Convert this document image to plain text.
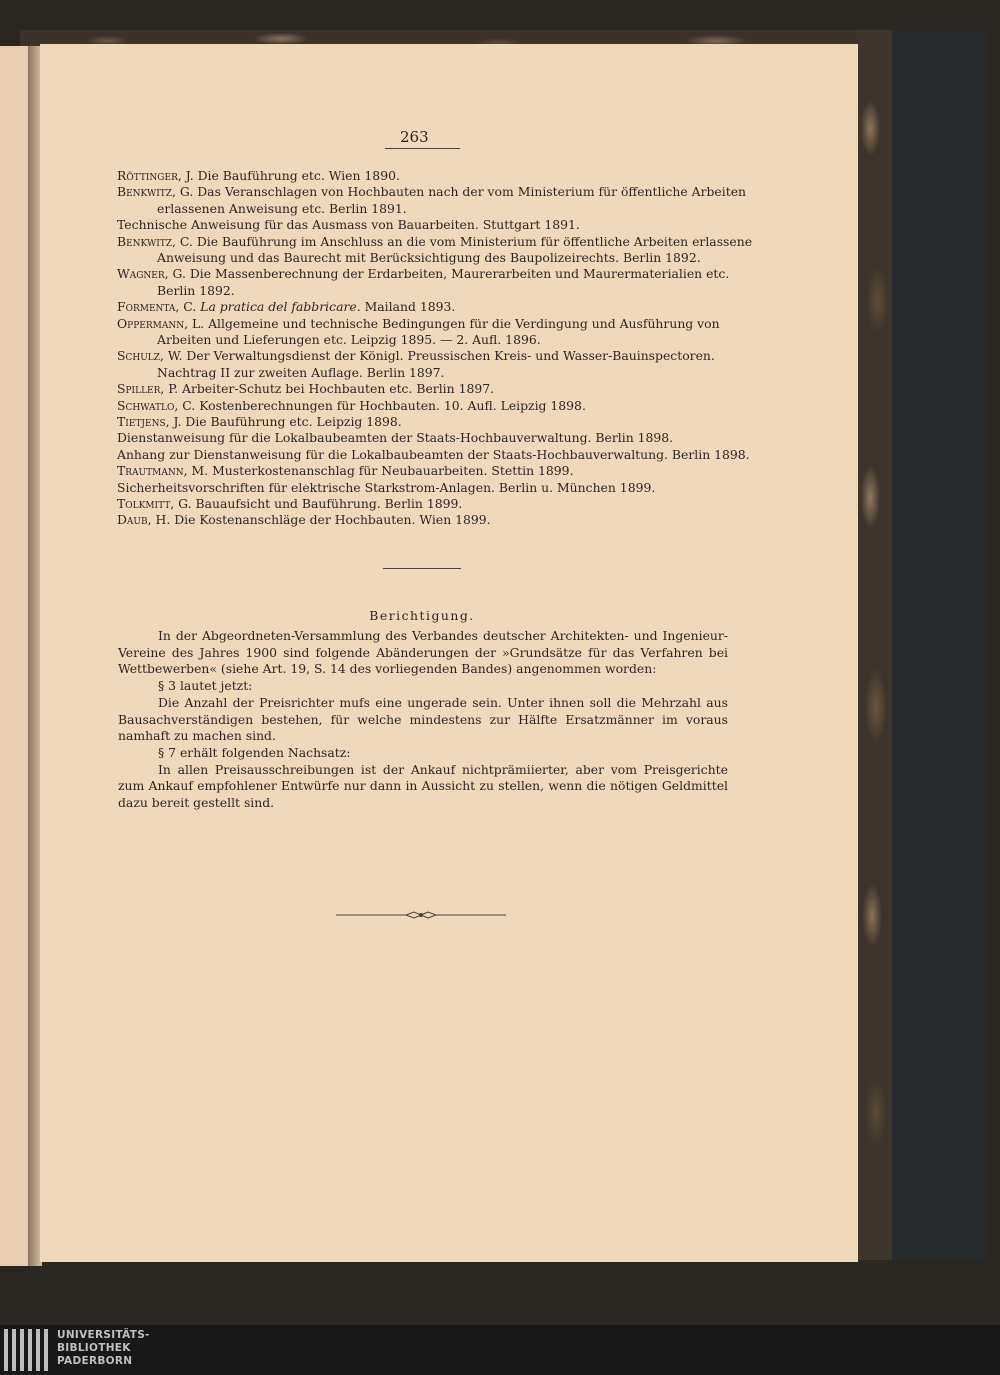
263
Röttinger, J. Die Bauführung etc. Wien 1890.
Benkwitz, G. Das Veranschlagen von Hochbauten nach der vom Ministerium für öffentliche Arbeiten
erlassenen Anweisung etc. Berlin 1891.
Technische Anweisung für das Ausmass von Bauarbeiten. Stuttgart 1891.
Benkwitz, C. Die Bauführung im Anschluss an die vom Ministerium für öffentliche Arbeiten erlassene
Anweisung und das Baurecht mit Berücksichtigung des Baupolizeirechts. Berlin 1892.
Wagner, G. Die Massenberechnung der Erdarbeiten, Maurerarbeiten und Maurermaterialien etc.
Berlin 1892.
Formenta, C. La pratica del fabbricare. Mailand 1893.
Oppermann, L. Allgemeine und technische Bedingungen für die Verdingung und Ausführung von
Arbeiten und Lieferungen etc. Leipzig 1895. — 2. Aufl. 1896.
Schulz, W. Der Verwaltungsdienst der Königl. Preussischen Kreis- und Wasser-Bauinspectoren.
Nachtrag II zur zweiten Auflage. Berlin 1897.
Spiller, P. Arbeiter-Schutz bei Hochbauten etc. Berlin 1897.
Schwatlo, C. Kostenberechnungen für Hochbauten. 10. Aufl. Leipzig 1898.
Tietjens, J. Die Bauführung etc. Leipzig 1898.
Dienstanweisung für die Lokalbaubeamten der Staats-Hochbauverwaltung. Berlin 1898.
Anhang zur Dienstanweisung für die Lokalbaubeamten der Staats-Hochbauverwaltung. Berlin 1898.
Trautmann, M. Musterkostenanschlag für Neubauarbeiten. Stettin 1899.
Sicherheitsvorschriften für elektrische Starkstrom-Anlagen. Berlin u. München 1899.
Tolkmitt, G. Bauaufsicht und Bauführung. Berlin 1899.
Daub, H. Die Kostenanschläge der Hochbauten. Wien 1899.
Berichtigung.
In der Abgeordneten-Versammlung des Verbandes deutscher Architekten- und Ingenieur-Vereine des Jahres 1900 sind folgende Abänderungen der »Grundsätze für das Verfahren bei Wettbewerben« (siehe Art. 19, S. 14 des vorliegenden Bandes) angenommen worden:
§ 3 lautet jetzt:
Die Anzahl der Preisrichter mufs eine ungerade sein. Unter ihnen soll die Mehrzahl aus Bausachverständigen bestehen, für welche mindestens zur Hälfte Ersatzmänner im voraus namhaft zu machen sind.
§ 7 erhält folgenden Nachsatz:
In allen Preisausschreibungen ist der Ankauf nichtprämiierter, aber vom Preisgerichte zum Ankauf empfohlener Entwürfe nur dann in Aussicht zu stellen, wenn die nötigen Geldmittel dazu bereit gestellt sind.
UNIVERSITÄTS-
BIBLIOTHEK
PADERBORN
